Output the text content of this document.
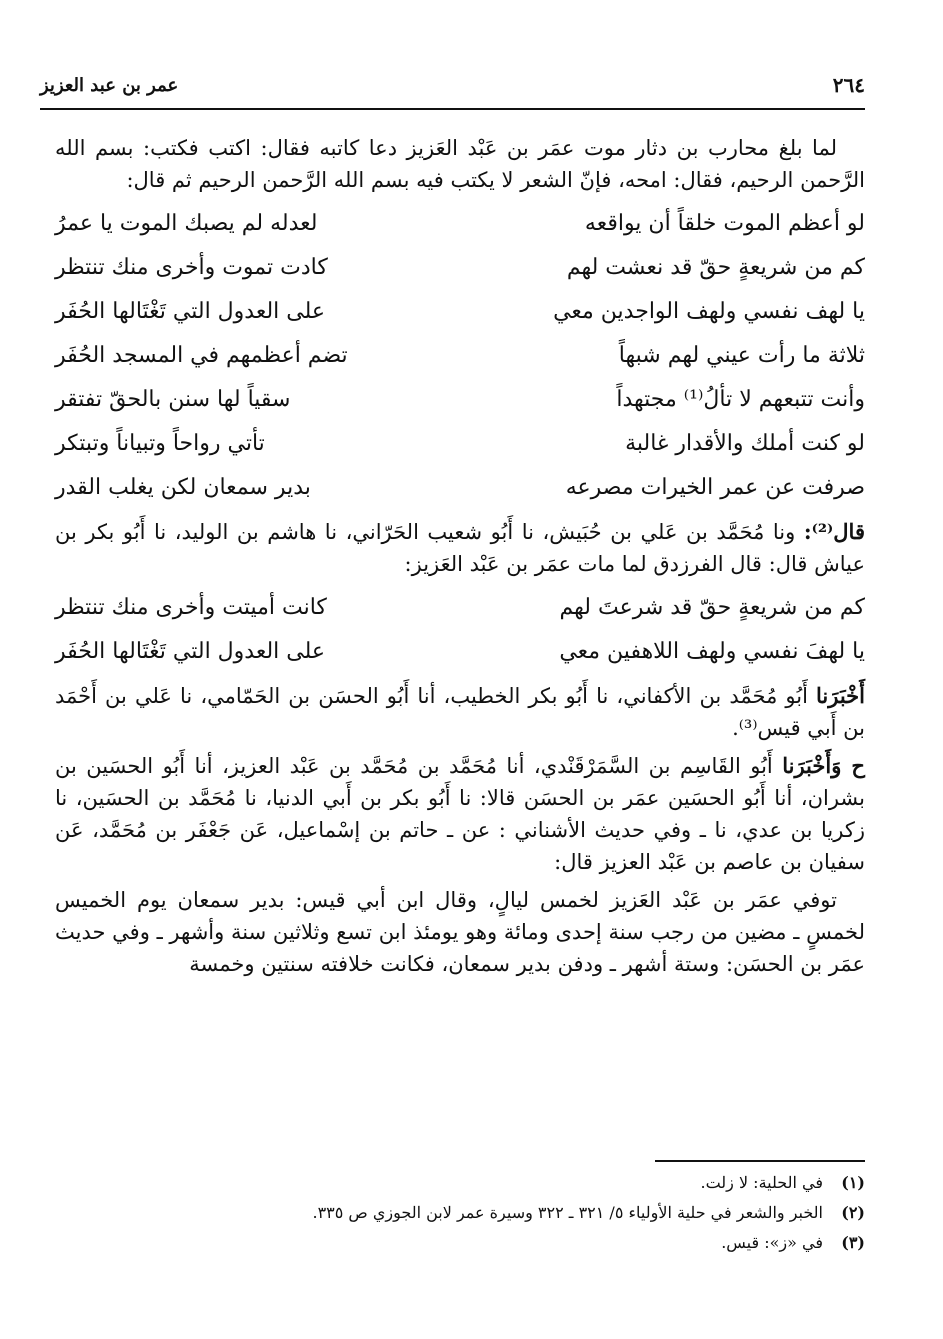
عمر بن عبد العزيز	٢٦٤

لما بلغ محارب بن دثار موت عمَر بن عَبْد العَزيز دعا كاتبه فقال: اكتب فكتب: بسم الله الرَّحمن الرحيم، فقال: امحه، فإنّ الشعر لا يكتب فيه بسم الله الرَّحمن الرحيم ثم قال:

لو أعظم الموت خلقاً أن يواقعه
لعدله لم يصبك الموت يا عمرُ
كم من شريعةٍ حقّ قد نعشت لهم
كادت تموت وأخرى منك تنتظر
يا لهف نفسي ولهف الواجدين معي
على العدول التي تَغْتَالها الحُفَر
ثلاثة ما رأت عيني لهم شبهاً
تضم أعظمهم في المسجد الحُفَر
وأنت تتبعهم لا تألُ⁽¹⁾ مجتهداً
سقياً لها سنن بالحقّ تفتقر
لو كنت أملك والأقدار غالبة
تأتي رواحاً وتبياناً وتبتكر
صرفت عن عمر الخيرات مصرعه
بدير سمعان لكن يغلب القدر

قال⁽²⁾: ونا مُحَمَّد بن عَلي بن حُبَيش، نا أَبُو شعيب الحَرّاني، نا هاشم بن الوليد، نا أَبُو بكر بن عياش قال: قال الفرزدق لما مات عمَر بن عَبْد العَزيز:

كم من شريعةٍ حقّ قد شرعتَ لهم
كانت أميتت وأخرى منك تنتظر
يا لهفَ نفسي ولهف اللاهفين معي
على العدول التي تَغْتَالها الحُفَر

أَخْبَرَنا أَبُو مُحَمَّد بن الأكفاني، نا أَبُو بكر الخطيب، أنا أَبُو الحسَن بن الحَمّامي، نا عَلي بن أَحْمَد بن أَبي قيس⁽³⁾.

ح وَأَخْبَرَنا أَبُو القَاسِم بن السَّمَرْقَنْدي، أنا مُحَمَّد بن مُحَمَّد بن عَبْد العزيز، أنا أَبُو الحسَين بن بشران، أنا أَبُو الحسَين عمَر بن الحسَن قالا: نا أَبُو بكر بن أَبي الدنيا، نا مُحَمَّد بن الحسَين، نا زكريا بن عدي، نا ـ وفي حديث الأشناني : عن ـ حاتم بن إسْماعيل، عَن جَعْفَر بن مُحَمَّد، عَن سفيان بن عاصم بن عَبْد العزيز قال:

توفي عمَر بن عَبْد العَزيز لخمس ليالٍ، وقال ابن أبي قيس: بدير سمعان يوم الخميس لخمسٍ ـ مضين من رجب سنة إحدى ومائة وهو يومئذ ابن تسع وثلاثين سنة وأشهر ـ وفي حديث عمَر بن الحسَن: وستة أشهر ـ ودفن بدير سمعان، فكانت خلافته سنتين وخمسة

(١)
في الحلية: لا زلت.
(٢)
الخبر والشعر في حلية الأولياء ٥/ ٣٢١ ـ ٣٢٢ وسيرة عمر لابن الجوزي ص ٣٣٥.
(٣)
في «ز»: قيس.
